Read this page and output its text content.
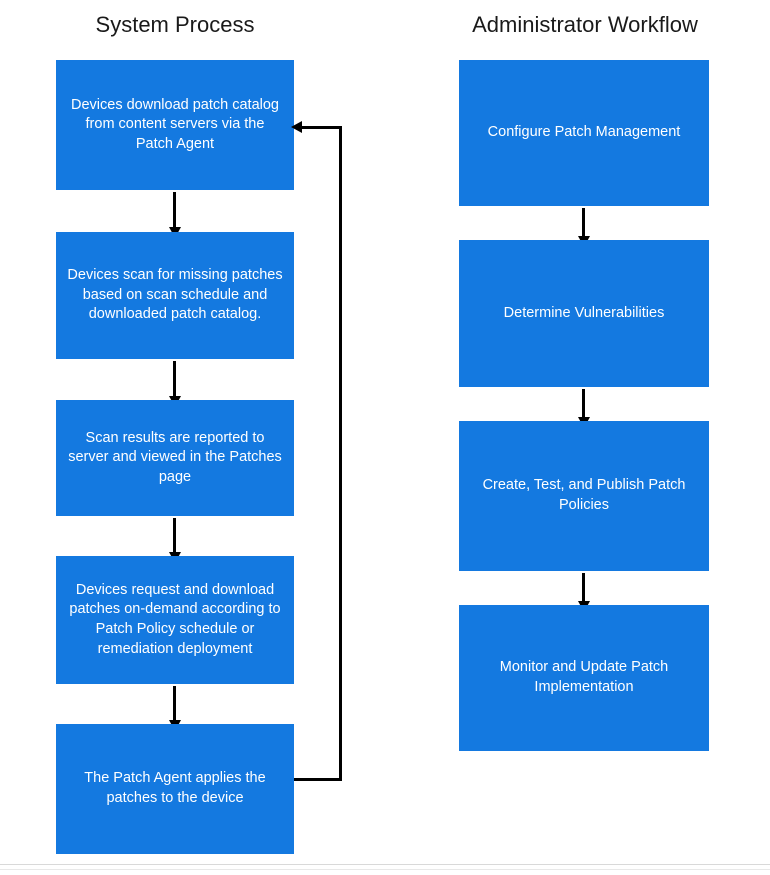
System Process	Administrator Workflow
Devices download patch catalog from content servers via the Patch Agent
Devices scan for missing patches based on scan schedule and downloaded patch catalog.
Scan results are reported to server and viewed in the Patches page
Devices request and download patches on-demand according to Patch Policy schedule or remediation deployment
The Patch Agent applies the patches to the device
Configure Patch Management
Determine Vulnerabilities
Create, Test, and Publish Patch Policies
Monitor and Update Patch Implementation
